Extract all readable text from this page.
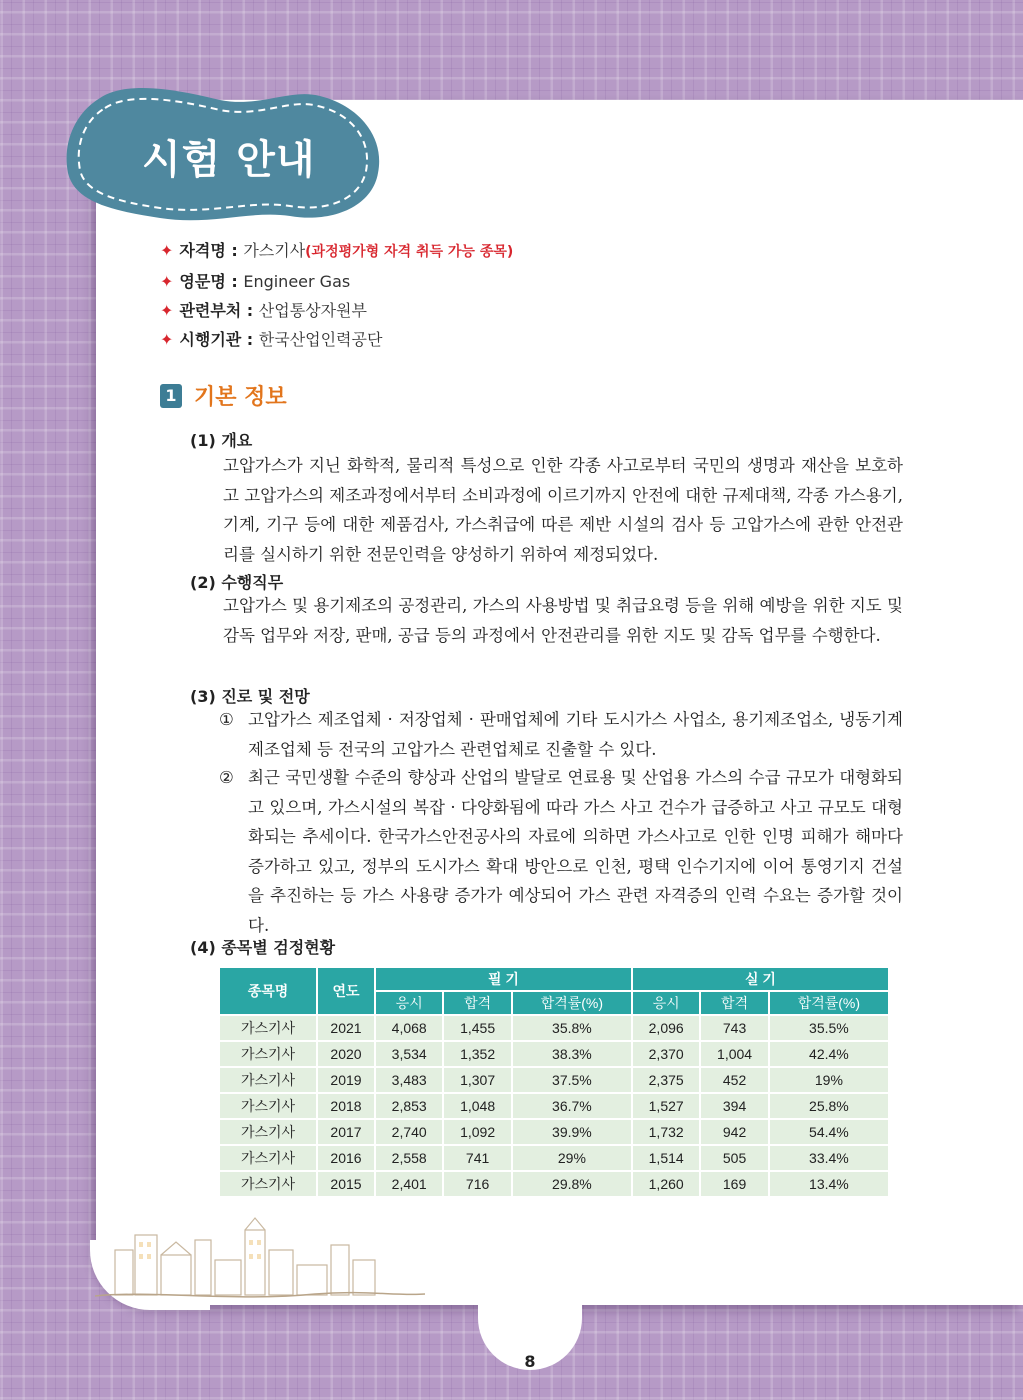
8
시험 안내
✦ 자격명 : 가스기사(과정평가형 자격 취득 가능 종목)
✦ 영문명 : Engineer Gas
✦ 관련부처 : 산업통상자원부
✦ 시행기관 : 한국산업인력공단
1 기본 정보
(1) 개요
고압가스가 지닌 화학적, 물리적 특성으로 인한 각종 사고로부터 국민의 생명과 재산을 보호하고 고압가스의 제조과정에서부터 소비과정에 이르기까지 안전에 대한 규제대책, 각종 가스용기, 기계, 기구 등에 대한 제품검사, 가스취급에 따른 제반 시설의 검사 등 고압가스에 관한 안전관리를 실시하기 위한 전문인력을 양성하기 위하여 제정되었다.
(2) 수행직무
고압가스 및 용기제조의 공정관리, 가스의 사용방법 및 취급요령 등을 위해 예방을 위한 지도 및 감독 업무와 저장, 판매, 공급 등의 과정에서 안전관리를 위한 지도 및 감독 업무를 수행한다.
(3) 진로 및 전망
① 고압가스 제조업체 · 저장업체 · 판매업체에 기타 도시가스 사업소, 용기제조업소, 냉동기계 제조업체 등 전국의 고압가스 관련업체로 진출할 수 있다.
② 최근 국민생활 수준의 향상과 산업의 발달로 연료용 및 산업용 가스의 수급 규모가 대형화되고 있으며, 가스시설의 복잡 · 다양화됨에 따라 가스 사고 건수가 급증하고 사고 규모도 대형화되는 추세이다. 한국가스안전공사의 자료에 의하면 가스사고로 인한 인명 피해가 해마다 증가하고 있고, 정부의 도시가스 확대 방안으로 인천, 평택 인수기지에 이어 통영기지 건설을 추진하는 등 가스 사용량 증가가 예상되어 가스 관련 자격증의 인력 수요는 증가할 것이다.
(4) 종목별 검정현황
종목명	연도	필 기			실 기		
		응시	합격	합격률(%)	응시	합격	합격률(%)
가스기사	2021	4,068	1,455	35.8%	2,096	743	35.5%
가스기사	2020	3,534	1,352	38.3%	2,370	1,004	42.4%
가스기사	2019	3,483	1,307	37.5%	2,375	452	19%
가스기사	2018	2,853	1,048	36.7%	1,527	394	25.8%
가스기사	2017	2,740	1,092	39.9%	1,732	942	54.4%
가스기사	2016	2,558	741	29%	1,514	505	33.4%
가스기사	2015	2,401	716	29.8%	1,260	169	13.4%
